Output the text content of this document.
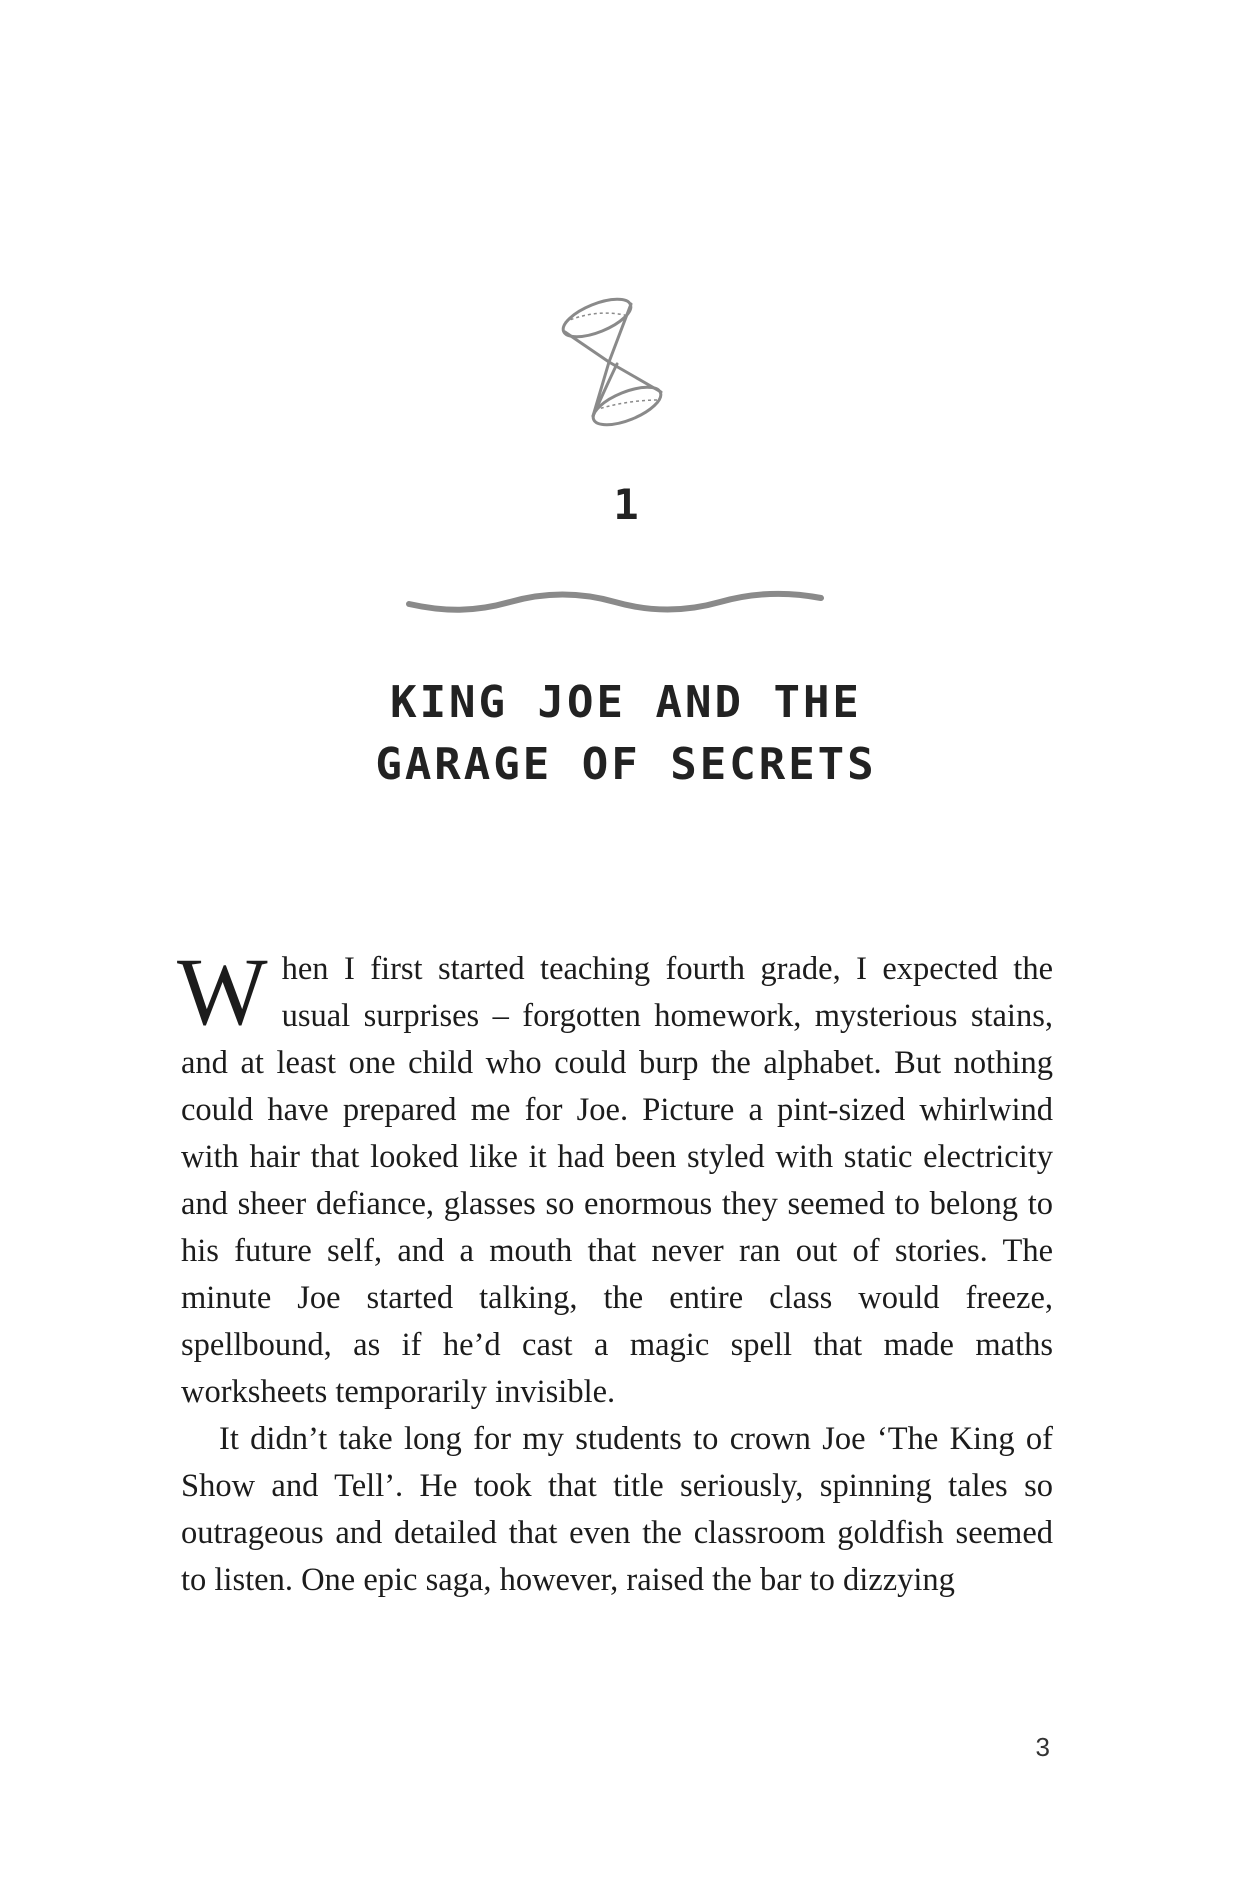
1
KING JOE AND THE
GARAGE OF SECRETS

When I first started teaching fourth grade, I expected the usual surprises – forgotten homework, mysterious stains, and at least one child who could burp the alphabet. But nothing could have prepared me for Joe. Picture a pint-sized whirlwind with hair that looked like it had been styled with static electricity and sheer defiance, glasses so enormous they seemed to belong to his future self, and a mouth that never ran out of stories. The minute Joe started talking, the entire class would freeze, spellbound, as if he’d cast a magic spell that made maths worksheets temporarily invisible.

It didn’t take long for my students to crown Joe ‘The King of Show and Tell’. He took that title seriously, spinning tales so outrageous and detailed that even the classroom goldfish seemed to listen. One epic saga, however, raised the bar to dizzying

3
